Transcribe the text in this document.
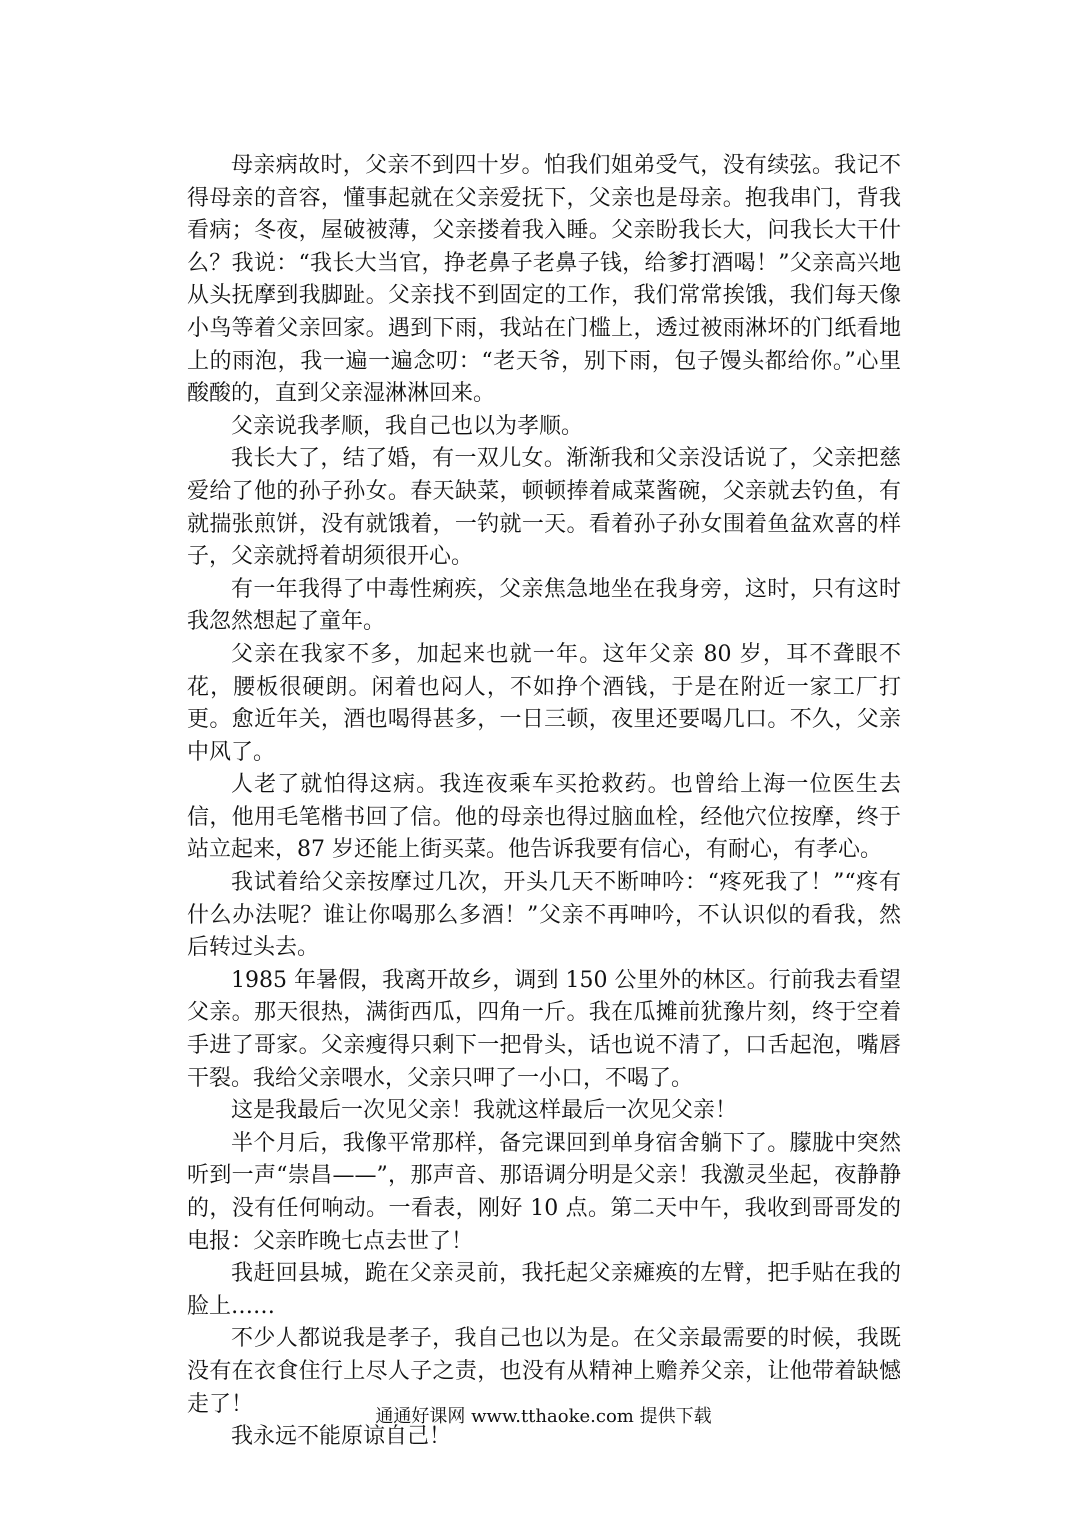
母亲病故时，父亲不到四十岁。怕我们姐弟受气，没有续弦。我记不得母亲的音容，懂事起就在父亲爱抚下，父亲也是母亲。抱我串门，背我看病；冬夜，屋破被薄，父亲搂着我入睡。父亲盼我长大，问我长大干什么？我说：“我长大当官，挣老鼻子老鼻子钱，给爹打酒喝！”父亲高兴地从头抚摩到我脚趾。父亲找不到固定的工作，我们常常挨饿，我们每天像小鸟等着父亲回家。遇到下雨，我站在门槛上，透过被雨淋坏的门纸看地上的雨泡，我一遍一遍念叨：“老天爷，别下雨，包子馒头都给你。”心里酸酸的，直到父亲湿淋淋回来。

父亲说我孝顺，我自己也以为孝顺。

我长大了，结了婚，有一双儿女。渐渐我和父亲没话说了，父亲把慈爱给了他的孙子孙女。春天缺菜，顿顿捧着咸菜酱碗，父亲就去钓鱼，有就揣张煎饼，没有就饿着，一钓就一天。看着孙子孙女围着鱼盆欢喜的样子，父亲就捋着胡须很开心。

有一年我得了中毒性痢疾，父亲焦急地坐在我身旁，这时，只有这时我忽然想起了童年。

父亲在我家不多，加起来也就一年。这年父亲 80 岁，耳不聋眼不花，腰板很硬朗。闲着也闷人，不如挣个酒钱，于是在附近一家工厂打更。愈近年关，酒也喝得甚多，一日三顿，夜里还要喝几口。不久，父亲中风了。

人老了就怕得这病。我连夜乘车买抢救药。也曾给上海一位医生去信，他用毛笔楷书回了信。他的母亲也得过脑血栓，经他穴位按摩，终于站立起来，87 岁还能上街买菜。他告诉我要有信心，有耐心，有孝心。

我试着给父亲按摩过几次，开头几天不断呻吟：“疼死我了！”“疼有什么办法呢？谁让你喝那么多酒！”父亲不再呻吟，不认识似的看我，然后转过头去。

1985 年暑假，我离开故乡，调到 150 公里外的林区。行前我去看望父亲。那天很热，满街西瓜，四角一斤。我在瓜摊前犹豫片刻，终于空着手进了哥家。父亲瘦得只剩下一把骨头，话也说不清了，口舌起泡，嘴唇干裂。我给父亲喂水，父亲只呷了一小口，不喝了。

这是我最后一次见父亲！我就这样最后一次见父亲！

半个月后，我像平常那样，备完课回到单身宿舍躺下了。朦胧中突然听到一声“崇昌——”，那声音、那语调分明是父亲！我激灵坐起，夜静静的，没有任何响动。一看表，刚好 10 点。第二天中午，我收到哥哥发的电报：父亲昨晚七点去世了！

我赶回县城，跪在父亲灵前，我托起父亲瘫痪的左臂，把手贴在我的脸上……

不少人都说我是孝子，我自己也以为是。在父亲最需要的时候，我既没有在衣食住行上尽人子之责，也没有从精神上赡养父亲，让他带着缺憾走了！

我永远不能原谅自己！

通通好课网 www.tthaoke.com 提供下载
